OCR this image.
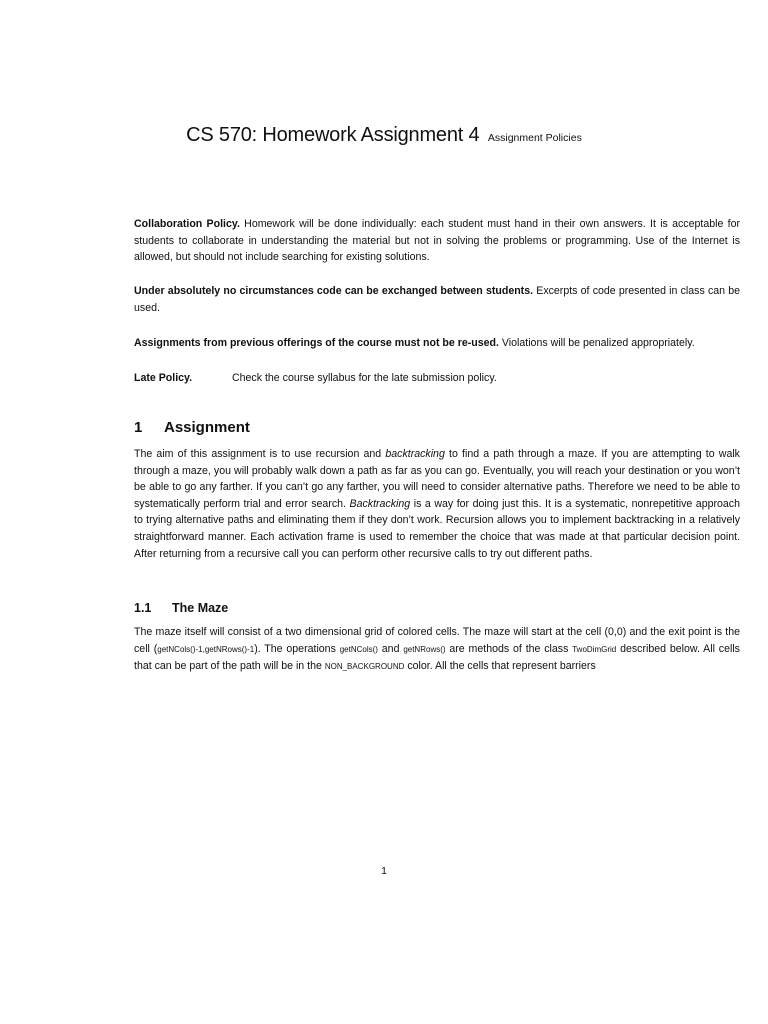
CS 570: Homework Assignment 4 Assignment Policies

Collaboration Policy. Homework will be done individually: each student must hand in their own answers. It is acceptable for students to collaborate in understanding the material but not in solving the problems or programming. Use of the Internet is allowed, but should not include searching for existing solutions.

Under absolutely no circumstances code can be exchanged between students. Excerpts of code presented in class can be used.

Assignments from previous offerings of the course must not be re-used. Violations will be penalized appropriately.

Late Policy.	Check the course syllabus for the late submission policy.

1 Assignment

The aim of this assignment is to use recursion and backtracking to find a path through a maze. If you are attempting to walk through a maze, you will probably walk down a path as far as you can go. Eventually, you will reach your destination or you won’t be able to go any farther. If you can’t go any farther, you will need to consider alternative paths. Therefore we need to be able to systematically perform trial and error search. Backtracking is a way for doing just this. It is a systematic, nonrepetitive approach to trying alternative paths and eliminating them if they don’t work. Recursion allows you to implement backtracking in a relatively straightforward manner. Each activation frame is used to remember the choice that was made at that particular decision point. After returning from a recursive call you can perform other recursive calls to try out different paths.

1.1 The Maze

The maze itself will consist of a two dimensional grid of colored cells. The maze will start at the cell (0,0) and the exit point is the cell (getNCols()-1,getNRows()-1). The operations getNCols() and getNRows() are methods of the class TwoDimGrid described below. All cells that can be part of the path will be in the NON_BACKGROUND color. All the cells that represent barriers

1
